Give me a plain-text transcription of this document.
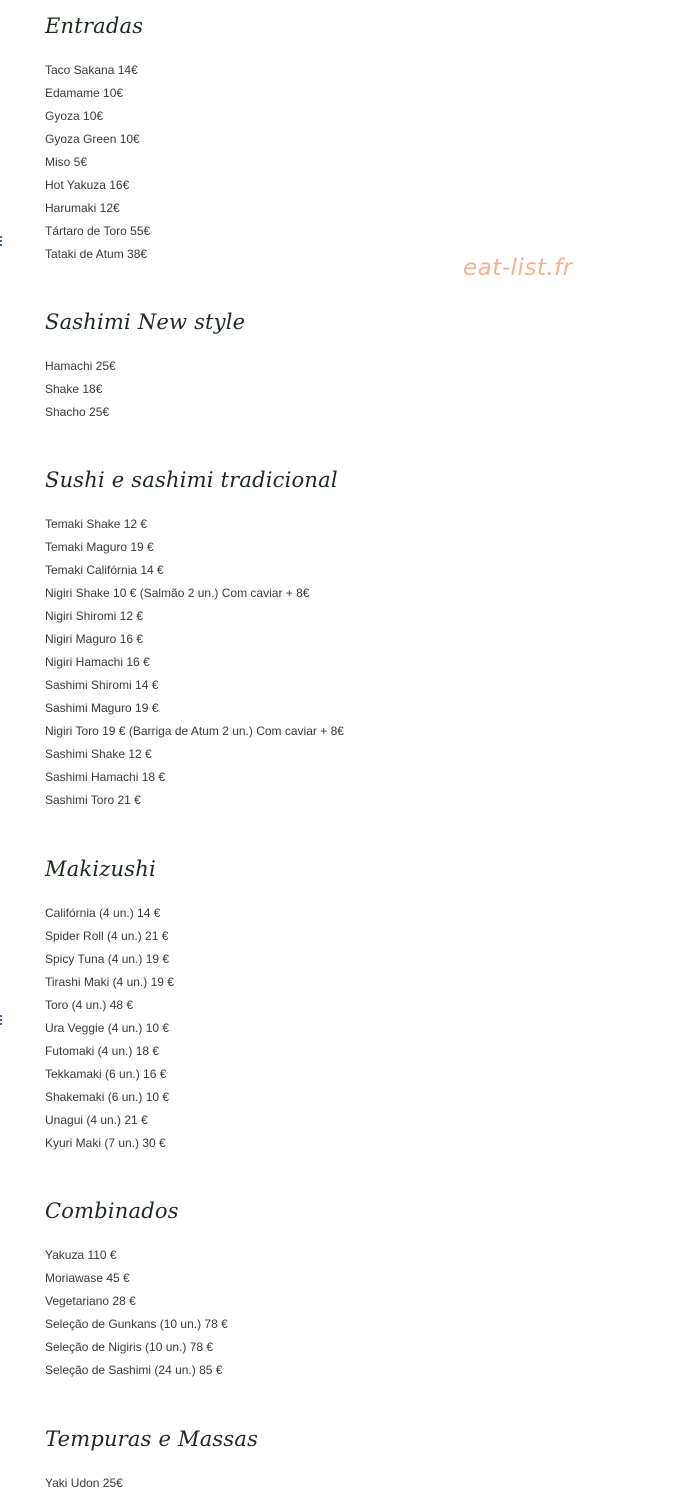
eat-list.fr
Entradas
Taco Sakana 14€
Edamame 10€
Gyoza 10€
Gyoza Green 10€
Miso 5€
Hot Yakuza 16€
Harumaki 12€
Tártaro de Toro 55€
Tataki de Atum 38€
Sashimi New style
Hamachi 25€
Shake 18€
Shacho 25€
Sushi e sashimi tradicional
Temaki Shake 12 €
Temaki Maguro 19 €
Temaki Califórnia 14 €
Nigiri Shake 10 € (Salmão 2 un.) Com caviar + 8€
Nigiri Shiromi 12 €
Nigiri Maguro 16 €
Nigiri Hamachi 16 €
Sashimi Shiromi 14 €
Sashimi Maguro 19 €
Nigiri Toro 19 € (Barriga de Atum 2 un.) Com caviar + 8€
Sashimi Shake 12 €
Sashimi Hamachi 18 €
Sashimi Toro 21 €
Makizushi
Califórnia (4 un.) 14 €
Spider Roll (4 un.) 21 €
Spicy Tuna (4 un.) 19 €
Tirashi Maki (4 un.) 19 €
Toro (4 un.) 48 €
Ura Veggie (4 un.) 10 €
Futomaki (4 un.) 18 €
Tekkamaki (6 un.) 16 €
Shakemaki (6 un.) 10 €
Unagui (4 un.) 21 €
Kyuri Maki (7 un.) 30 €
Combinados
Yakuza 110 €
Moriawase 45 €
Vegetariano 28 €
Seleção de Gunkans (10 un.) 78 €
Seleção de Nigiris (10 un.) 78 €
Seleção de Sashimi (24 un.) 85 €
Tempuras e Massas
Yaki Udon 25€
